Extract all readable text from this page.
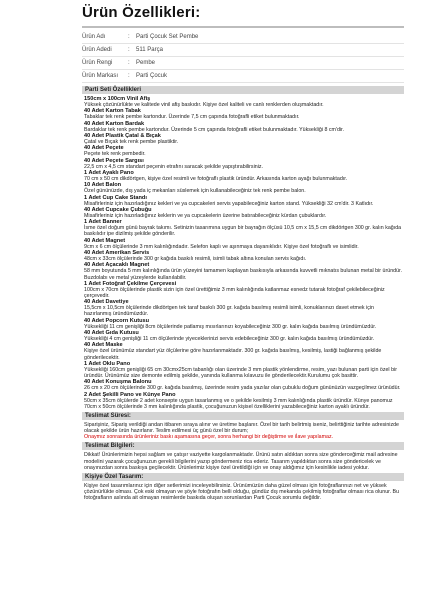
Ürün Özellikleri:
Ürün Adı	:	Parti Çocuk Set Pembe
Ürün Adedi	:	511 Parça
Ürün Rengi	:	Pembe
Ürün Markası	:	Parti Çocuk
Parti Seti Özellikleri
150cm x 100cm Vinil Afiş
Yüksek çözünürlükte ve kalitede vinil afiş baskıdır. Kişiye özel kaliteli ve canlı renklerden oluşmaktadır.
40 Adet Karton Tabak
Tabaklar tek renk pembe kartondur. Üzerinde 7,5 cm çapında fotoğrafli etiket bulunmaktadır.
40 Adet Karton Bardak
Bardaklar tek renk pembe kartondur. Üzerinde 5 cm çapında fotoğrafli etiket bulunmaktadır. Yüksekliği 8 cm'dir.
40 Adet Plastik Çatal & Bıçak
Çatal ve Bıçak tek renk pembe plastiktir.
40 Adet Peçete
Peçete tek renk pembedir.
40 Adet Peçete Sargısı
22,5 cm x 4,5 cm standart peçenin etrafını saracak şekilde yapıştırabilirsiniz.
1 Adet Ayaklı Pano
70 cm x 50 cm dikdörtgen, kişiye özel resimli ve fotoğraflı plastik üründür. Arkasında karton ayağı bulunmaktadır.
10 Adet Balon
Özel gününüzde, dış yada iç mekanları süslemek için kullanabileceğiniz tek renk pembe balon.
1 Adet Cup Cake Standı
Misafirleriniz için hazırladığınız kekleri ve ya cupcakeleri servis yapabileceğiniz karton stand. Yüksekliği 32 cm'dir. 3 Katlıdır.
40 Adet Cupcake Çubuğu
Misafirleriniz için hazırladığınız keklerin ve ya cupcakelerin üzerine batırabileceğiniz kürdan çubuklardır.
1 Adet Banner
İsme özel doğum günü bayrak takımı. Setinizin tasarımına uygun bir bayrağın ölçüsü 10,5 cm x 15,5 cm dikdörtgen 300 gr. kalın kağıda baskılıdır ipe dizilmiş şekilde gönderilir.
40 Adet Magnet
9cm x 6 cm ölçülerinde 3 mm kalınlığındadır. Selefon kaplı ve aşınmaya dayanıklıdır. Kişiye özel fotoğraflı ve isimlidir.
40 Adet Amerikan Servis
48cm x 33cm ölçülerinde 300 gr kağıda baskılı resimli, isimli tabak altına konulan servis kağıdı.
40 Adet Açacaklı Magnet
58 mm boyutunda 5 mm kalınlığında ürün yüzeyini tamamen kaplayan baskısıyla arkasında kuvvetli mıknatıs bulunan metal bir üründür. Buzdolabı ve metal yüzeylerde kullanılabilir.
1 Adet Fotoğraf Çekilme Çerçevesi
100cm x 70cm ölçülerinde plastik sizin için özel ürettiğimiz 3 mm kalınlığında katlanmaz esnedz tutarak fotoğraf çekilebileceğiniz çerçevedir.
40 Adet Davetiye
15,5cm x 10,5cm ölçülerinde dikdörtgen tek taraf baskılı 300 gr. kağıda basılmış resimli isimli, konuklarınızı davet etmek için hazırlanmış üründümüzdür.
40 Adet Popcorn Kutusu
Yüksekliği 11 cm genişliği 8cm ölçülerinde patlamış mısırlarınızı koyabileceğiniz 300 gr. kalın kağıda basılmış üründümüzdür.
40 Adet Gıda Kutusu
Yüksekliği 4 cm genişliği 11 cm ölçülerinde yiyeceklerinizi servis edebileceğiniz 300 gr. kalın kağıda basılmış üründümüzdür.
40 Adet Maske
Kişiye özel ürünümüz standart yüz ölçülerine göre hazırlanmaktadır. 300 gr. kağıda basılmış, kesilmiş, lastiği bağlanmış şekilde gönderilecektir.
1 Adet Oklu Pano
Yüksekliği 160cm genişliği 65 cm 30cmx25cm tabanlığı olan üzerinde 3 mm plastik yönlendirme, resim, yazı bulunan parti için özel bir üründür. Ürünümüz size demonte edilmiş şekilde, yanında kullanma kılavuzu ile gönderilecektir.Kurulumu çok basittir.
40 Adet Konuşma Balonu
26 cm x 20 cm ölçülerinde 300 gr. kağıda basılmış, üzerinde resim yada yazılar olan çubuklu doğum gününüzün vazgeçilmez ürünüdür.
2 Adet Şekilli Pano ve Künye Pano
50cm x 35cm ölçülerde 2 adet konsepte uygun tasarlanmış ve o şekilde kesilmiş 3 mm kalınlığında plastik üründür. Künye panomuz 70cm x 50cm ölçülerinde 3 mm kalınlığında plastik, çocuğunuzun kişisel özelliklerini yazabileceğiniz karton ayaklı üründür.
Teslimat Süresi:
Siparişiniz, Sipariş verildiği andan itibaren sıraya alınır ve üretime başlanır. Özel bir tarih belirtmiş iseniz, belirttiğiniz tarihte adresinizde olacak şekilde ürün hazırlanır. Teslim edilmesi üç günü özel bir durum;
Onaymız sonrasında ürünleriniz baskı aşamasına geçer, sonra herhangi bir değiştirme ve iİave yapılamaz.
Teslimat Bilgileri:
Dikkat! Ürünlerimizin hepsi sağlam ve çatışır vaziyette kargolanmaktadır. Ürünü satın aldıktan sonra size gönderceğimiz mail adresine modelini yazarak çocuğunuzun gerekli bilgilerini yazıp göndermeniz rica ederiz. Tasarım yapıldıktan sonra size göndericelek ve onayınızdan sonra baskıya geçilecektir. Ürünlerimiz kişiye özel üretildiği için ve onay aldığımız için kesinlikle iadesi yoktur.
Kişiye Özel Tasarım:
Kişiye özel tasarımlarınız için diğer setlerimizi inceleyebilirsiniz. Ürünümüzün daha güzel olması için fotoğraflarınızı net ve yüksek çözünürlükte olması. Çok eski olmayan ve şöyle fotoğrafın belli olduğu, gündüz dış mekanda çekilmiş fotoğraflar olması rica olunur. Bu fotoğrafların aslında ait olmayan resimlerde baskıda oluşan sorunlardan Parti Çocuk sorumlu değildir.
